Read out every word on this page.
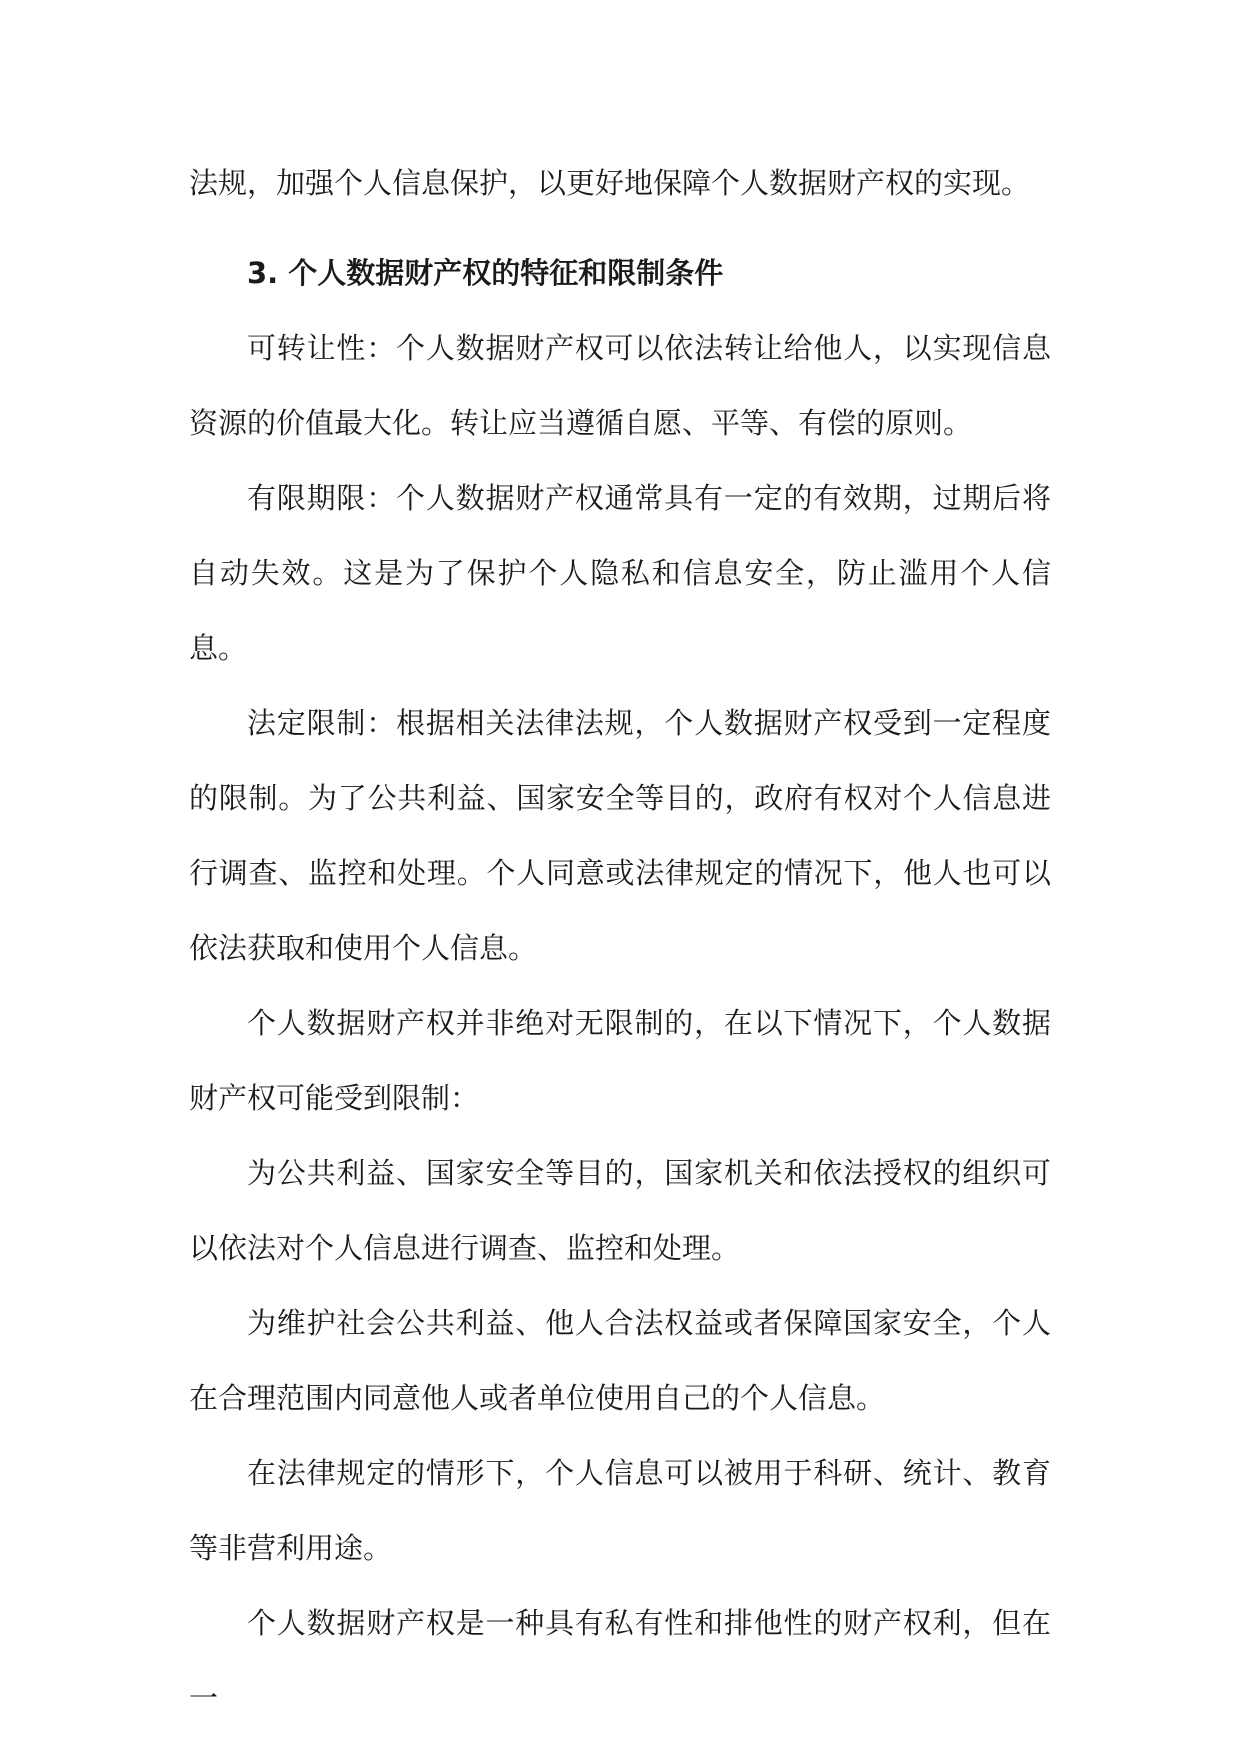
法规，加强个人信息保护，以更好地保障个人数据财产权的实现。

3. 个人数据财产权的特征和限制条件

可转让性：个人数据财产权可以依法转让给他人，以实现信息资源的价值最大化。转让应当遵循自愿、平等、有偿的原则。

有限期限：个人数据财产权通常具有一定的有效期，过期后将自动失效。这是为了保护个人隐私和信息安全，防止滥用个人信息。

法定限制：根据相关法律法规，个人数据财产权受到一定程度的限制。为了公共利益、国家安全等目的，政府有权对个人信息进行调查、监控和处理。个人同意或法律规定的情况下，他人也可以依法获取和使用个人信息。

个人数据财产权并非绝对无限制的，在以下情况下，个人数据财产权可能受到限制：

为公共利益、国家安全等目的，国家机关和依法授权的组织可以依法对个人信息进行调查、监控和处理。

为维护社会公共利益、他人合法权益或者保障国家安全，个人在合理范围内同意他人或者单位使用自己的个人信息。

在法律规定的情形下，个人信息可以被用于科研、统计、教育等非营利用途。

个人数据财产权是一种具有私有性和排他性的财产权利，但在一
